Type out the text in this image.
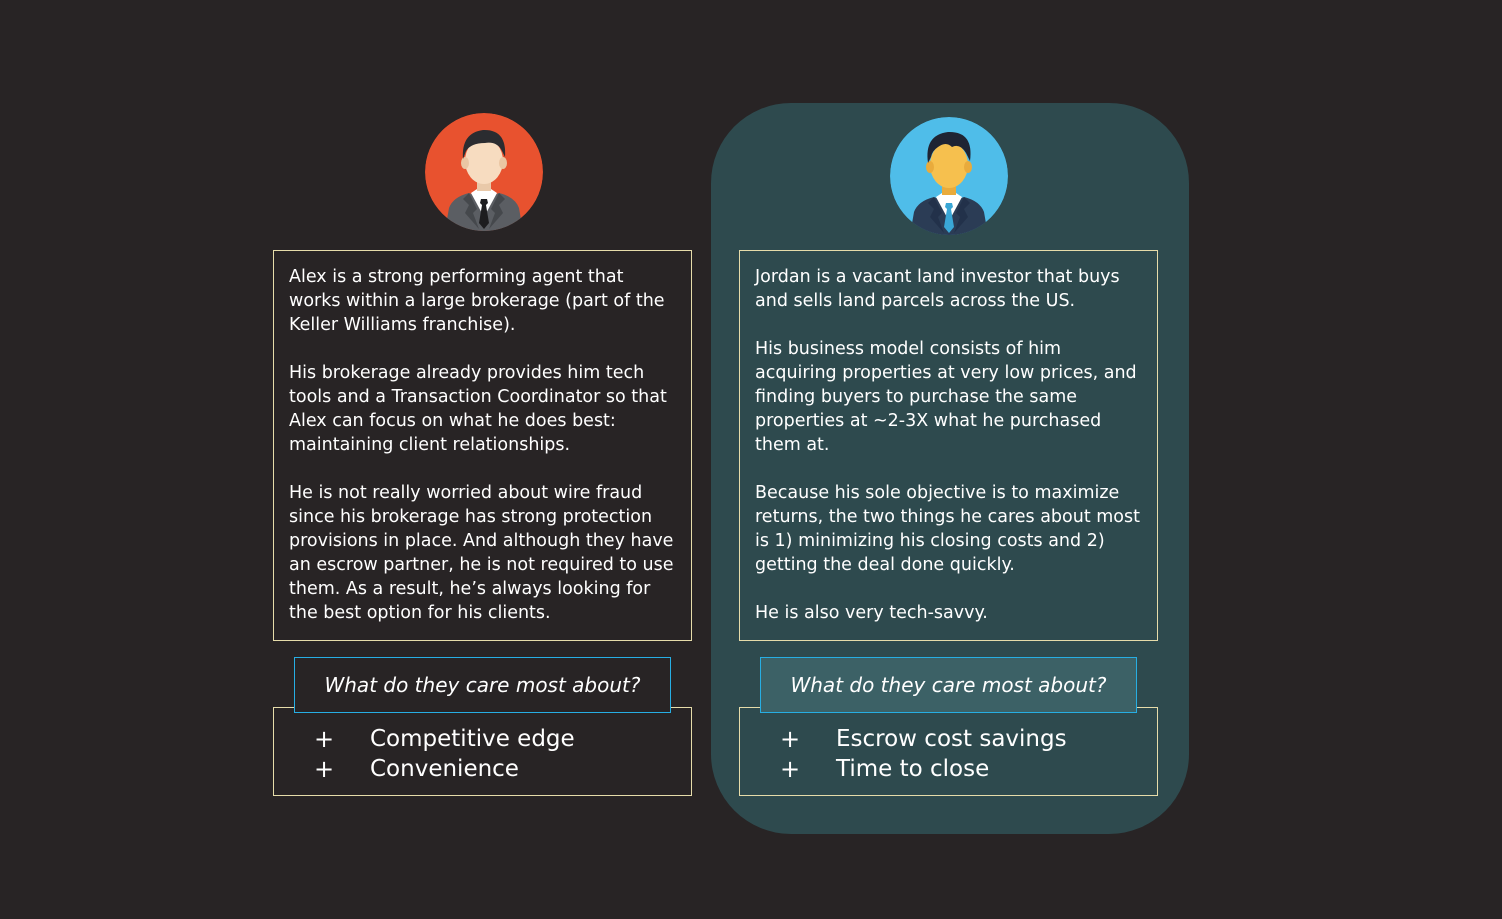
Alex is a strong performing agent that works within a large brokerage (part of the Keller Williams franchise).

His brokerage already provides him tech tools and a Transaction Coordinator so that Alex can focus on what he does best: maintaining client relationships.

He is not really worried about wire fraud since his brokerage has strong protection provisions in place. And although they have an escrow partner, he is not required to use them. As a result, he’s always looking for the best option for his clients.

Jordan is a vacant land investor that buys and sells land parcels across the US.

His business model consists of him acquiring properties at very low prices, and finding buyers to purchase the same properties at ~2-3X what he purchased them at.

Because his sole objective is to maximize returns, the two things he cares about most is 1) minimizing his closing costs and 2) getting the deal done quickly.

He is also very tech-savvy.

What do they care most about?	What do they care most about?
+ Competitive edge
+ Convenience
+ Escrow cost savings
+ Time to close
